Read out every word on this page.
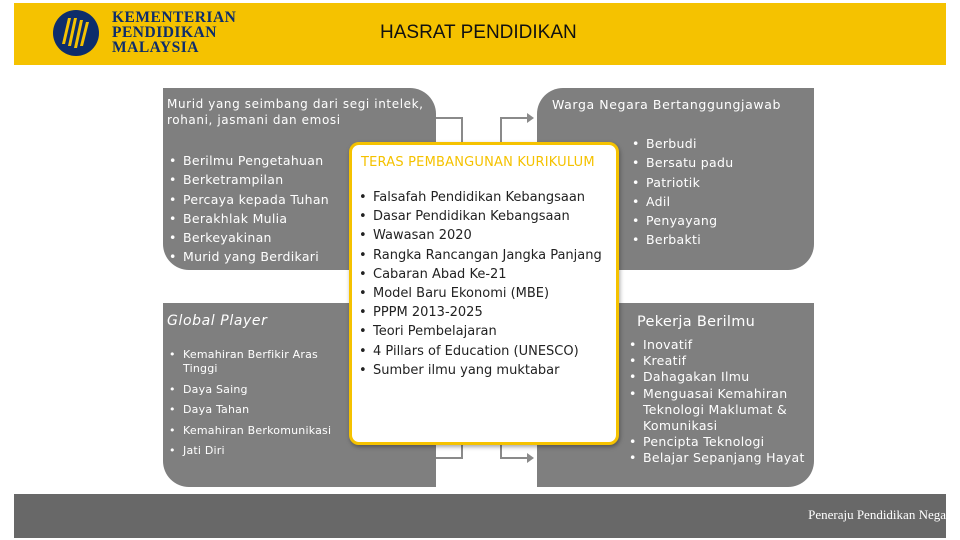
KEMENTERIAN
PENDIDIKAN
MALAYSIA
HASRAT PENDIDIKAN
Murid yang seimbang dari segi intelek, rohani, jasmani dan emosi
• Berilmu Pengetahuan
• Berketrampilan
• Percaya kepada Tuhan
• Berakhlak Mulia
• Berkeyakinan
• Murid yang Berdikari
Warga Negara Bertanggungjawab
• Berbudi
• Bersatu padu
• Patriotik
• Adil
• Penyayang
• Berbakti
Global Player
• Kemahiran Berfikir Aras Tinggi
• Daya Saing
• Daya Tahan
• Kemahiran Berkomunikasi
• Jati Diri
Pekerja Berilmu
• Inovatif
• Kreatif
• Dahagakan Ilmu
• Menguasai Kemahiran Teknologi Maklumat & Komunikasi
• Pencipta Teknologi
• Belajar Sepanjang Hayat
TERAS PEMBANGUNAN KURIKULUM
• Falsafah Pendidikan Kebangsaan
• Dasar Pendidikan Kebangsaan
• Wawasan 2020
• Rangka Rancangan Jangka Panjang
• Cabaran Abad Ke-21
• Model Baru Ekonomi (MBE)
• PPPM 2013-2025
• Teori Pembelajaran
• 4 Pillars of Education (UNESCO)
• Sumber ilmu yang muktabar
Peneraju Pendidikan Nega
